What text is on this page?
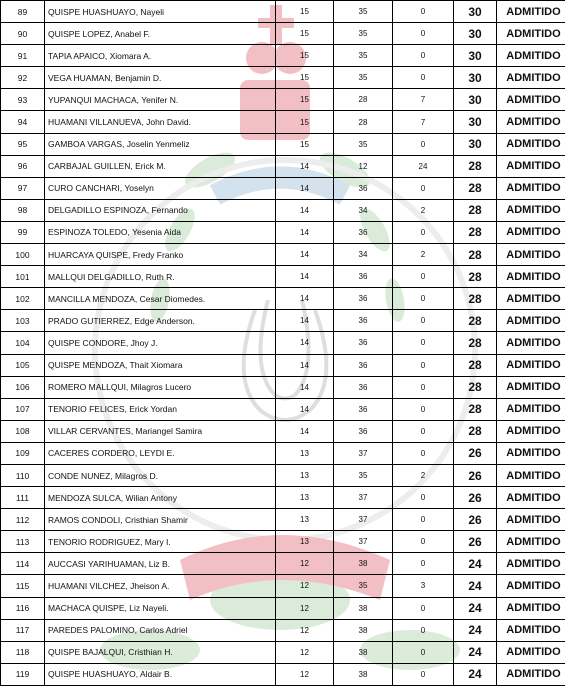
89	QUISPE HUASHUAYO, Nayeli	15	35	0	30	ADMITIDO
90	QUISPE LOPEZ, Anabel F.	15	35	0	30	ADMITIDO
91	TAPIA APAICO, Xiomara A.	15	35	0	30	ADMITIDO
92	VEGA HUAMAN, Benjamin D.	15	35	0	30	ADMITIDO
93	YUPANQUI MACHACA, Yenifer N.	15	28	7	30	ADMITIDO
94	HUAMANI VILLANUEVA, John David.	15	28	7	30	ADMITIDO
95	GAMBOA VARGAS, Joselin Yenmeliz	15	35	0	30	ADMITIDO
96	CARBAJAL GUILLEN, Erick M.	14	12	24	28	ADMITIDO
97	CURO CANCHARI, Yoselyn	14	36	0	28	ADMITIDO
98	DELGADILLO ESPINOZA, Fernando	14	34	2	28	ADMITIDO
99	ESPINOZA TOLEDO, Yesenia Aida	14	36	0	28	ADMITIDO
100	HUARCAYA QUISPE, Fredy Franko	14	34	2	28	ADMITIDO
101	MALLQUI DELGADILLO, Ruth R.	14	36	0	28	ADMITIDO
102	MANCILLA MENDOZA, Cesar Diomedes.	14	36	0	28	ADMITIDO
103	PRADO GUTIERREZ, Edge Anderson.	14	36	0	28	ADMITIDO
104	QUISPE CONDORE, Jhoy J.	14	36	0	28	ADMITIDO
105	QUISPE MENDOZA, Thait Xiomara	14	36	0	28	ADMITIDO
106	ROMERO MALLQUI, Milagros Lucero	14	36	0	28	ADMITIDO
107	TENORIO FELICES, Erick Yordan	14	36	0	28	ADMITIDO
108	VILLAR CERVANTES, Mariangel Samira	14	36	0	28	ADMITIDO
109	CACERES CORDERO, LEYDI E.	13	37	0	26	ADMITIDO
110	CONDE NUNEZ, Milagros D.	13	35	2	26	ADMITIDO
111	MENDOZA SULCA, Wilian Antony	13	37	0	26	ADMITIDO
112	RAMOS CONDOLI, Cristhian Shamir	13	37	0	26	ADMITIDO
113	TENORIO RODRIGUEZ, Mary I.	13	37	0	26	ADMITIDO
114	AUCCASI YARIHUAMAN, Liz B.	12	38	0	24	ADMITIDO
115	HUAMANI VILCHEZ, Jheison A.	12	35	3	24	ADMITIDO
116	MACHACA QUISPE, Liz Nayeli.	12	38	0	24	ADMITIDO
117	PAREDES PALOMINO, Carlos Adriel	12	38	0	24	ADMITIDO
118	QUISPE BAJALQUI, Cristhian H.	12	38	0	24	ADMITIDO
119	QUISPE HUASHUAYO, Aldair B.	12	38	0	24	ADMITIDO
